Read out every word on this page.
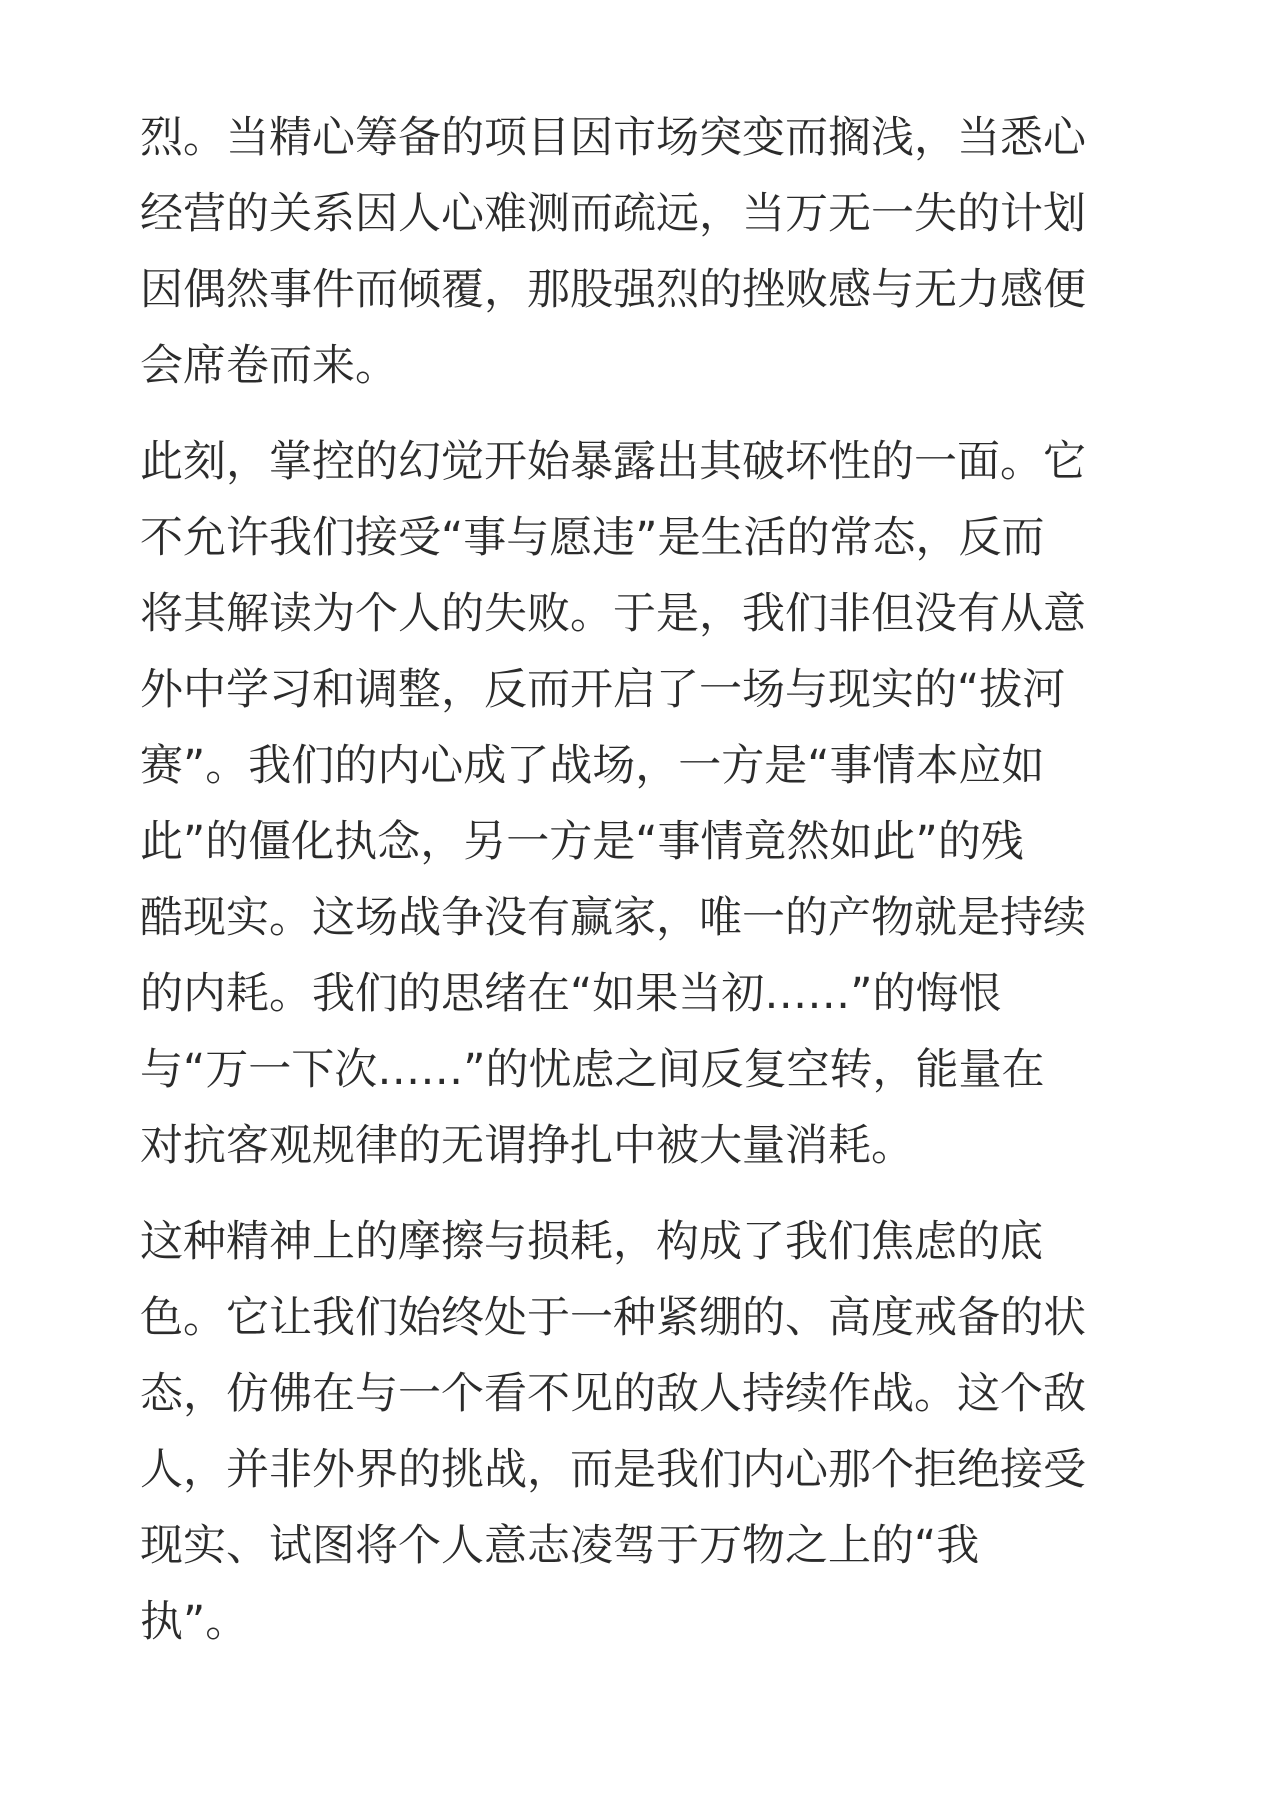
烈。当精心筹备的项目因市场突变而搁浅，当悉心
经营的关系因人心难测而疏远，当万无一失的计划
因偶然事件而倾覆，那股强烈的挫败感与无力感便
会席卷而来。
此刻，掌控的幻觉开始暴露出其破坏性的一面。它
不允许我们接受“事与愿违”是生活的常态，反而
将其解读为个人的失败。于是，我们非但没有从意
外中学习和调整，反而开启了一场与现实的“拔河
赛”。我们的内心成了战场，一方是“事情本应如
此”的僵化执念，另一方是“事情竟然如此”的残
酷现实。这场战争没有赢家，唯一的产物就是持续
的内耗。我们的思绪在“如果当初……”的悔恨
与“万一下次……”的忧虑之间反复空转，能量在
对抗客观规律的无谓挣扎中被大量消耗。
这种精神上的摩擦与损耗，构成了我们焦虑的底
色。它让我们始终处于一种紧绷的、高度戒备的状
态，仿佛在与一个看不见的敌人持续作战。这个敌
人，并非外界的挑战，而是我们内心那个拒绝接受
现实、试图将个人意志凌驾于万物之上的“我
执”。
